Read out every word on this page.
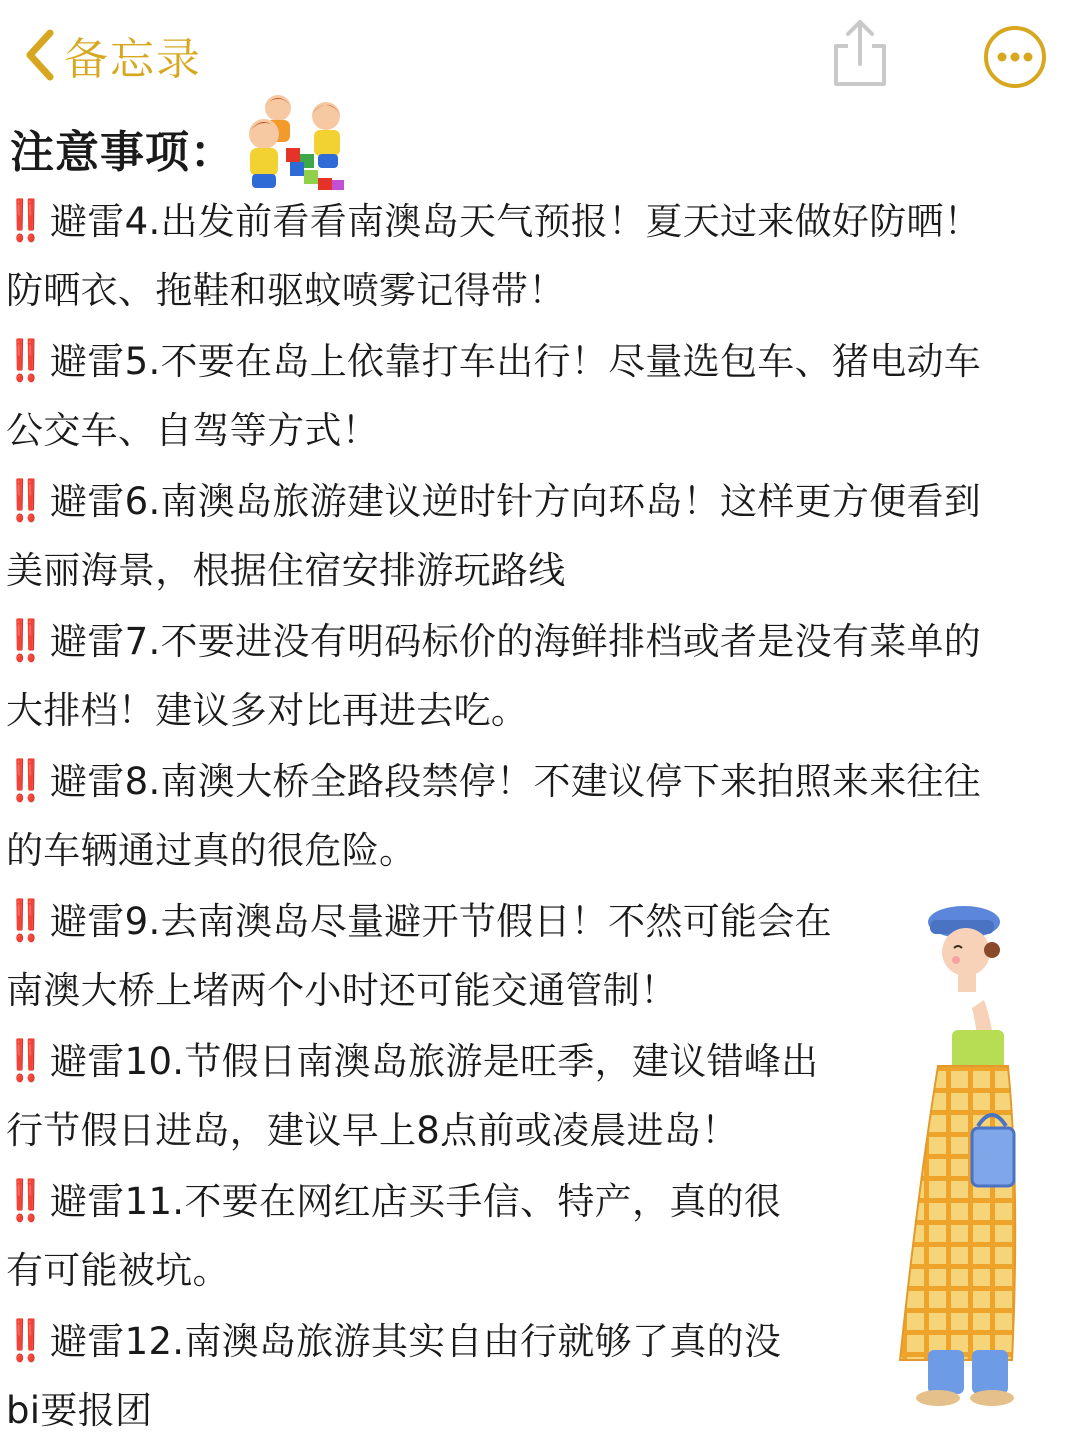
备忘录
注意事项：
‼️ 避雷4.出发前看看南澳岛天气预报！夏天过来做好防晒！
防晒衣、拖鞋和驱蚊喷雾记得带！
‼️ 避雷5.不要在岛上依靠打车出行！尽量选包车、猪电动车
公交车、自驾等方式！
‼️ 避雷6.南澳岛旅游建议逆时针方向环岛！这样更方便看到
美丽海景，根据住宿安排游玩路线
‼️ 避雷7.不要进没有明码标价的海鲜排档或者是没有菜单的
大排档！建议多对比再进去吃。
‼️ 避雷8.南澳大桥全路段禁停！不建议停下来拍照来来往往
的车辆通过真的很危险。
‼️ 避雷9.去南澳岛尽量避开节假日！不然可能会在
南澳大桥上堵两个小时还可能交通管制！
‼️ 避雷10.节假日南澳岛旅游是旺季，建议错峰出
行节假日进岛，建议早上8点前或凌晨进岛！
‼️ 避雷11.不要在网红店买手信、特产，真的很
有可能被坑。
‼️ 避雷12.南澳岛旅游其实自由行就够了真的没
bi要报团
